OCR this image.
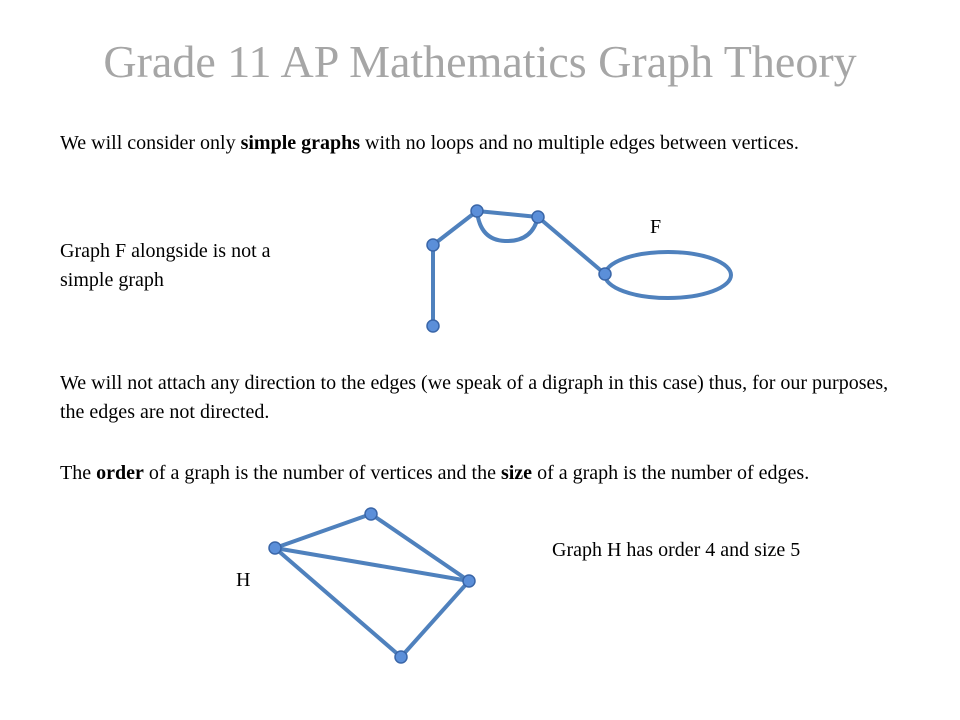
Grade 11 AP Mathematics Graph Theory
We will consider only simple graphs with no loops and no multiple edges between vertices.
Graph F alongside is not a simple graph
F
We will not attach any direction to the edges (we speak of a digraph in this case) thus, for our purposes, the edges are not directed.
The order of a graph is the number of vertices and the size of a graph is the number of edges.
Graph H has order 4 and size 5
H
